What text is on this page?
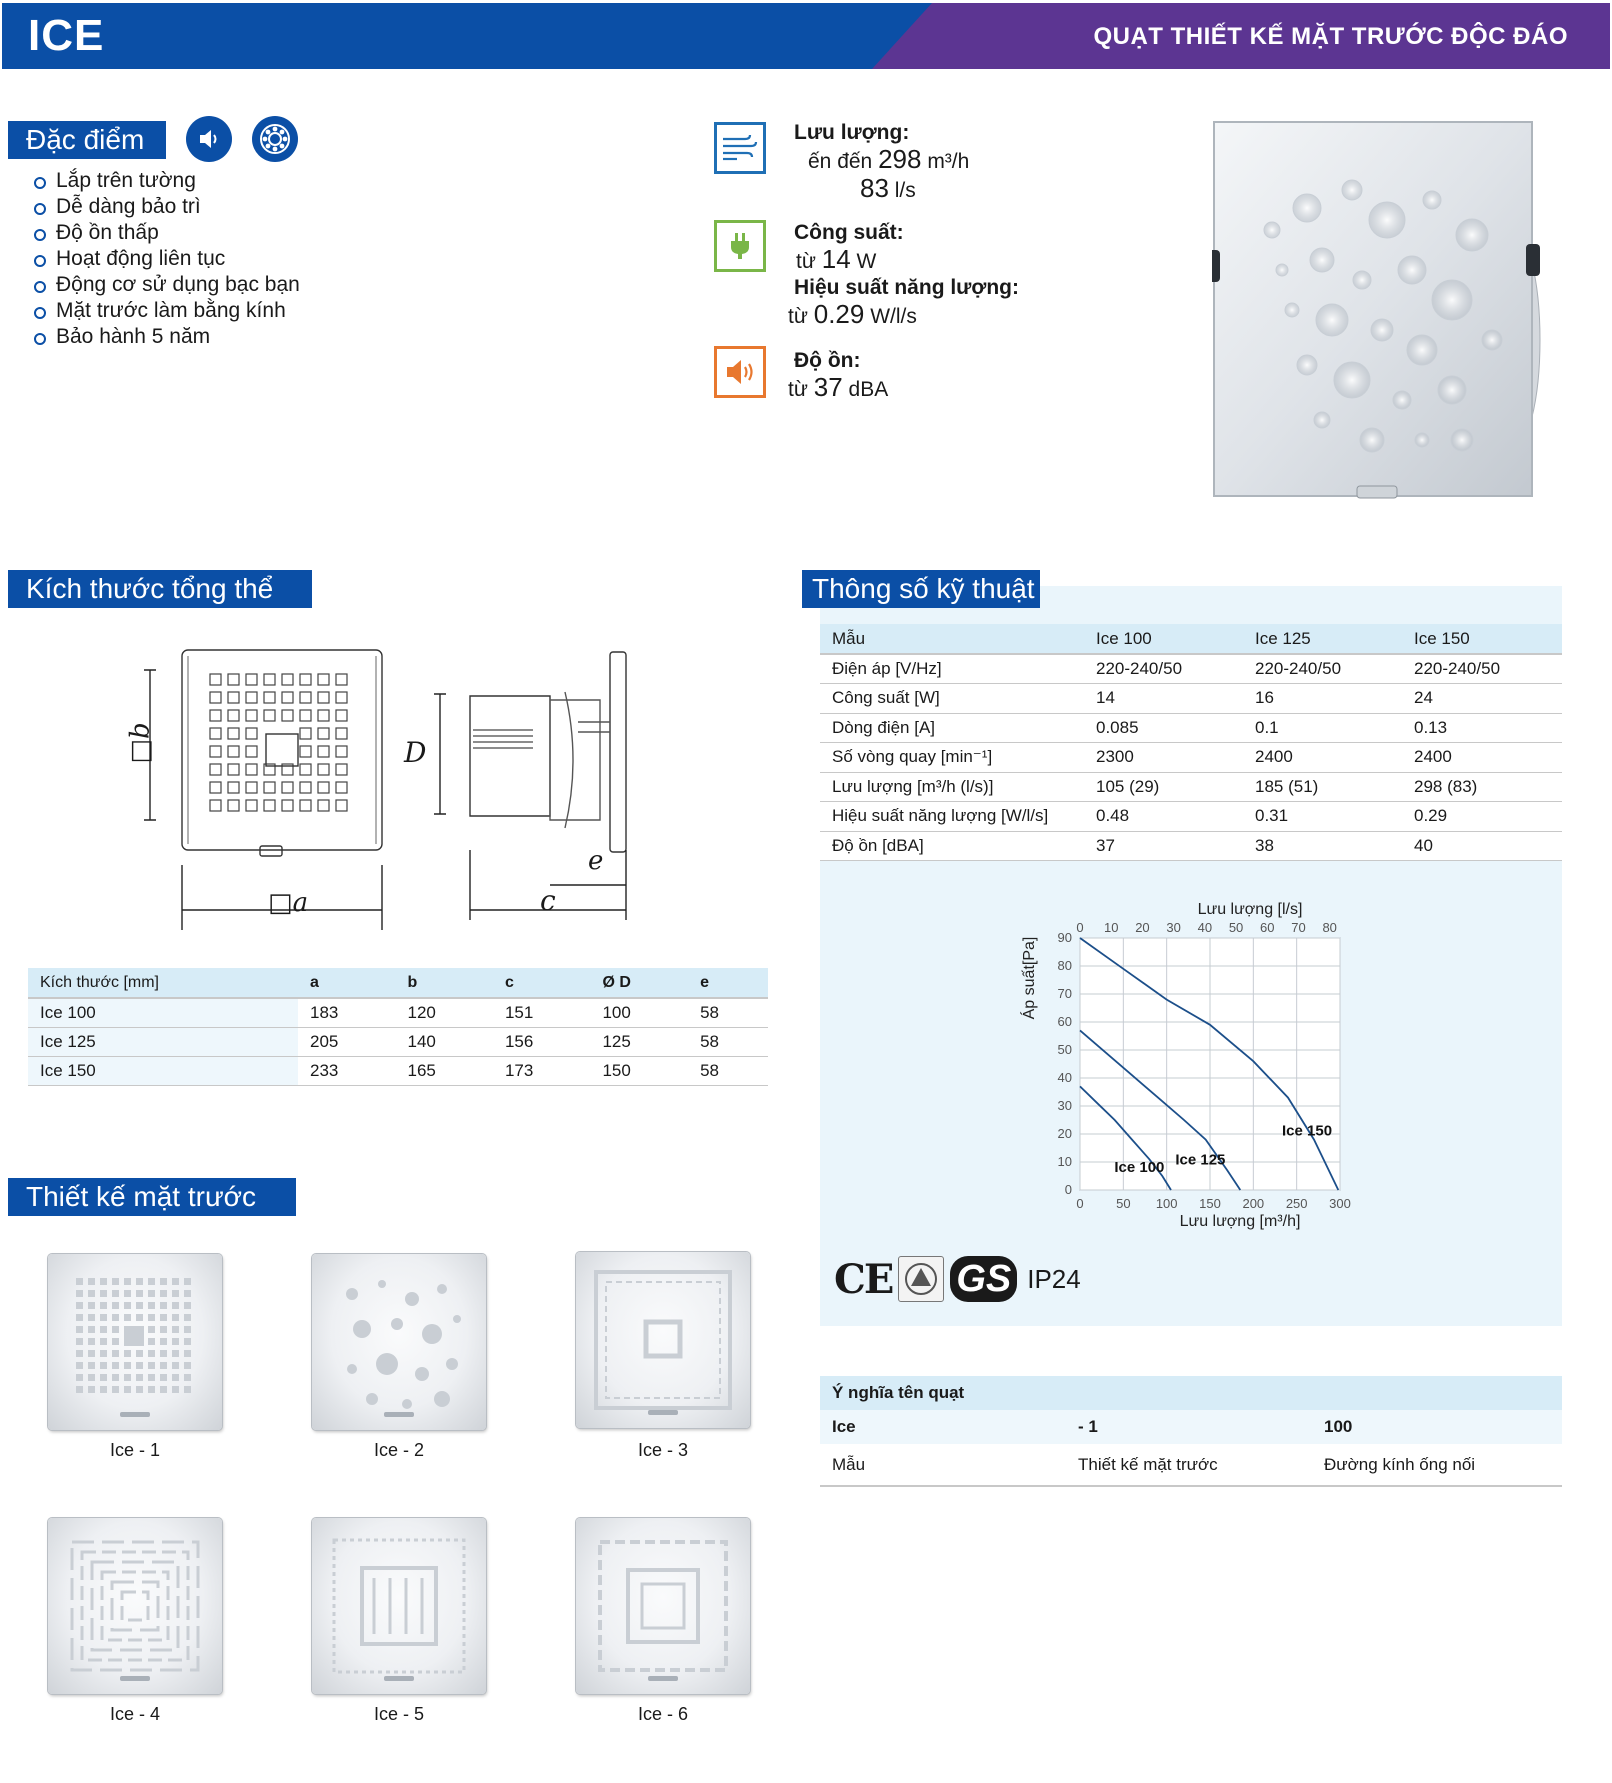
ICE	QUẠT THIẾT KẾ MẶT TRƯỚC ĐỘC ĐÁO
Đặc điểm
Lắp trên tường
Dễ dàng bảo trì
Độ ồn thấp
Hoạt động liên tục
Động cơ sử dụng bạc bạn
Mặt trước làm bằng kính
Bảo hành 5 năm
Lưu lượng:
ến đến 298 m³/h
83 l/s
Công suất:
từ 14 W
Hiệu suất năng lượng:
từ 0.29 W/l/s
Độ ồn:
từ 37 dBA
Kích thước tổng thể
□b
□a
D
c
e
Kích thước [mm]	a	b	c	Ø D	e
Ice 100	183	120	151	100	58
Ice 125	205	140	156	125	58
Ice 150	233	165	173	150	58
Thiết kế mặt trước
Ice - 1	Ice - 2	Ice - 3
Ice - 4	Ice - 5	Ice - 6
Thông số kỹ thuật
Mẫu	Ice 100	Ice 125	Ice 150
Điện áp [V/Hz]	220-240/50	220-240/50	220-240/50
Công suất [W]	14	16	24
Dòng điện [A]	0.085	0.1	0.13
Số vòng quay [min⁻¹]	2300	2400	2400
Lưu lượng [m³/h (l/s)]	105 (29)	185 (51)	298 (83)
Hiệu suất năng lượng [W/l/s]	0.48	0.31	0.29
Độ ồn [dBA]	37	38	40
0 50 100 150 200 250 300
0 10 20 30 40 50 60 70 80
0
10
20
30
40
50
60
70
80
90
Lưu lượng [m³/h]
Lưu lượng [l/s]
Áp suất[Pa]
Ice 100 Ice 125
Ice 150
CE GS IP24
Ý nghĩa tên quạt		
Ice	- 1	100
Mẫu	Thiết kế mặt trước	Đường kính ống nối
